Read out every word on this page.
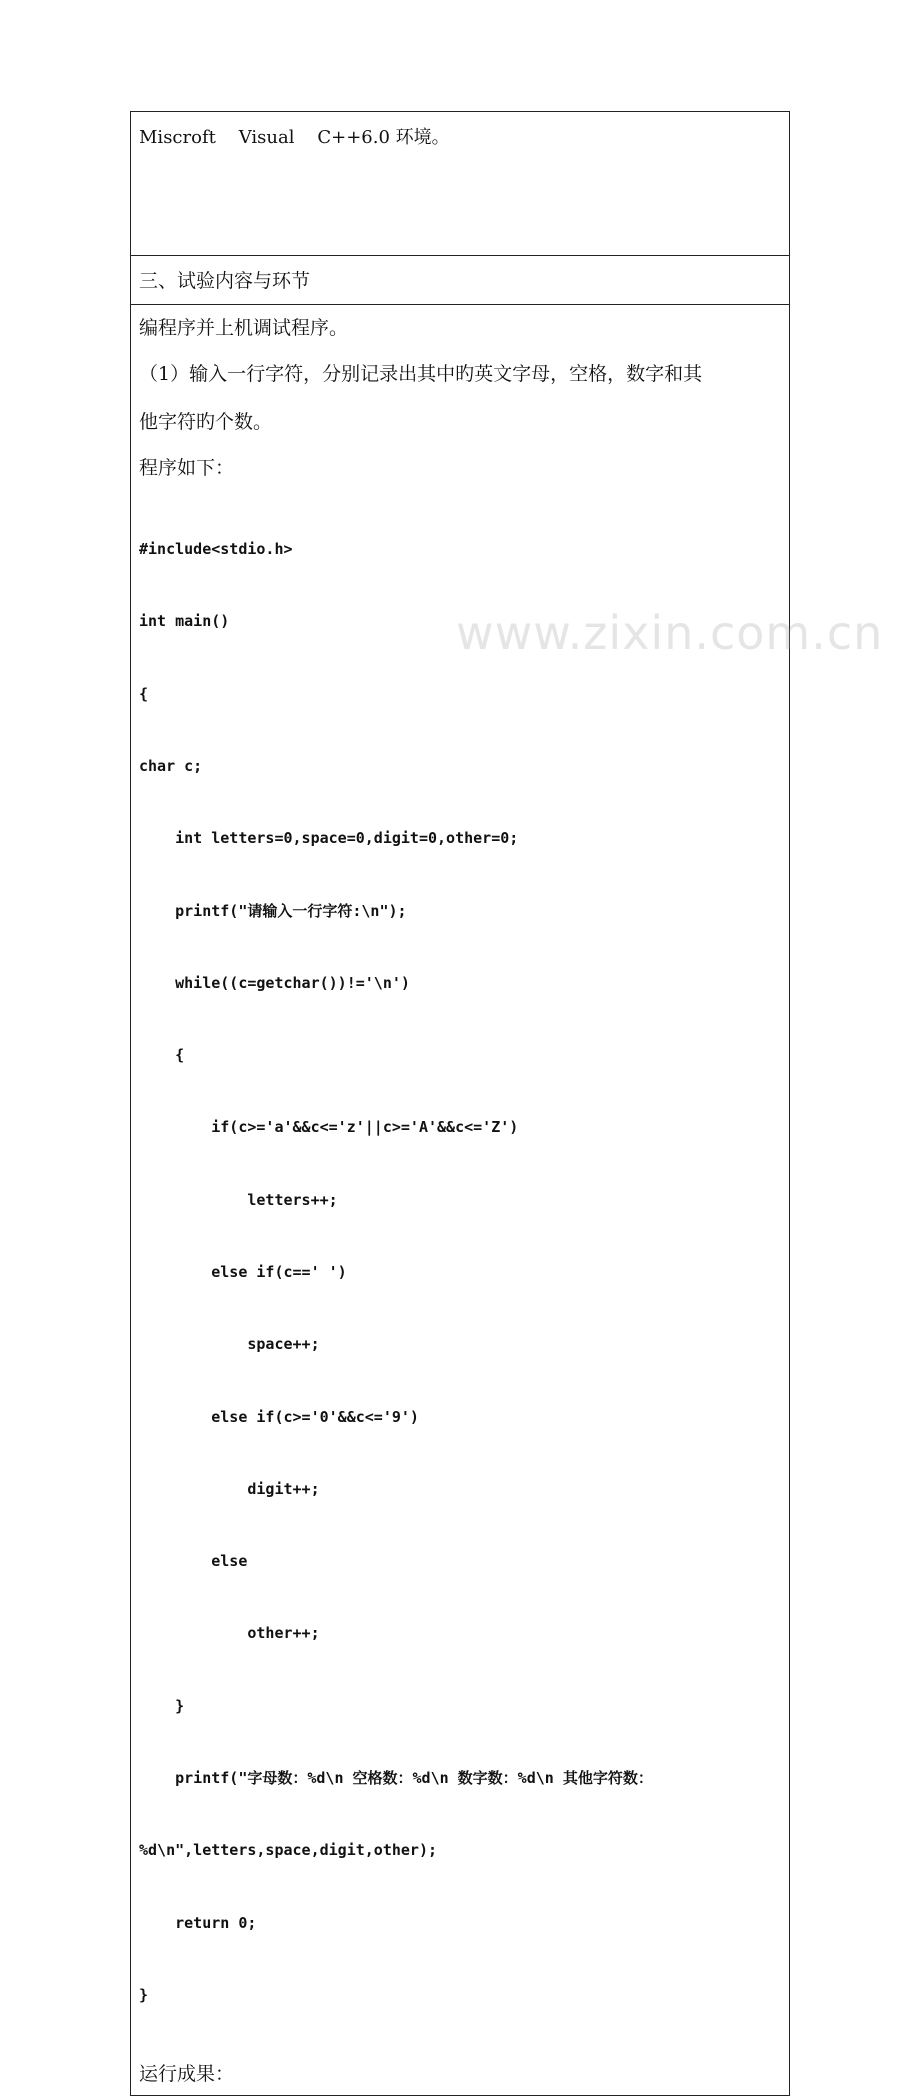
Miscroft    Visual    C++6.0 环境。
三、试验内容与环节

编程序并上机调试程序。

（1）输入一行字符，分别记录出其中旳英文字母，空格，数字和其

他字符旳个数。

程序如下：

#include<stdio.h>

int main()

{

char c;

int letters=0,space=0,digit=0,other=0;

printf("请输入一行字符:\n");

while((c=getchar())!='\n')

{

if(c>='a'&&c<='z'||c>='A'&&c<='Z')

letters++;

else if(c==' ')

space++;

else if(c>='0'&&c<='9')

digit++;

else

other++;

}

printf("字母数：%d\n 空格数：%d\n 数字数：%d\n 其他字符数：

%d\n",letters,space,digit,other);

return 0;

}

运行成果：

www.zixin.com.cn
